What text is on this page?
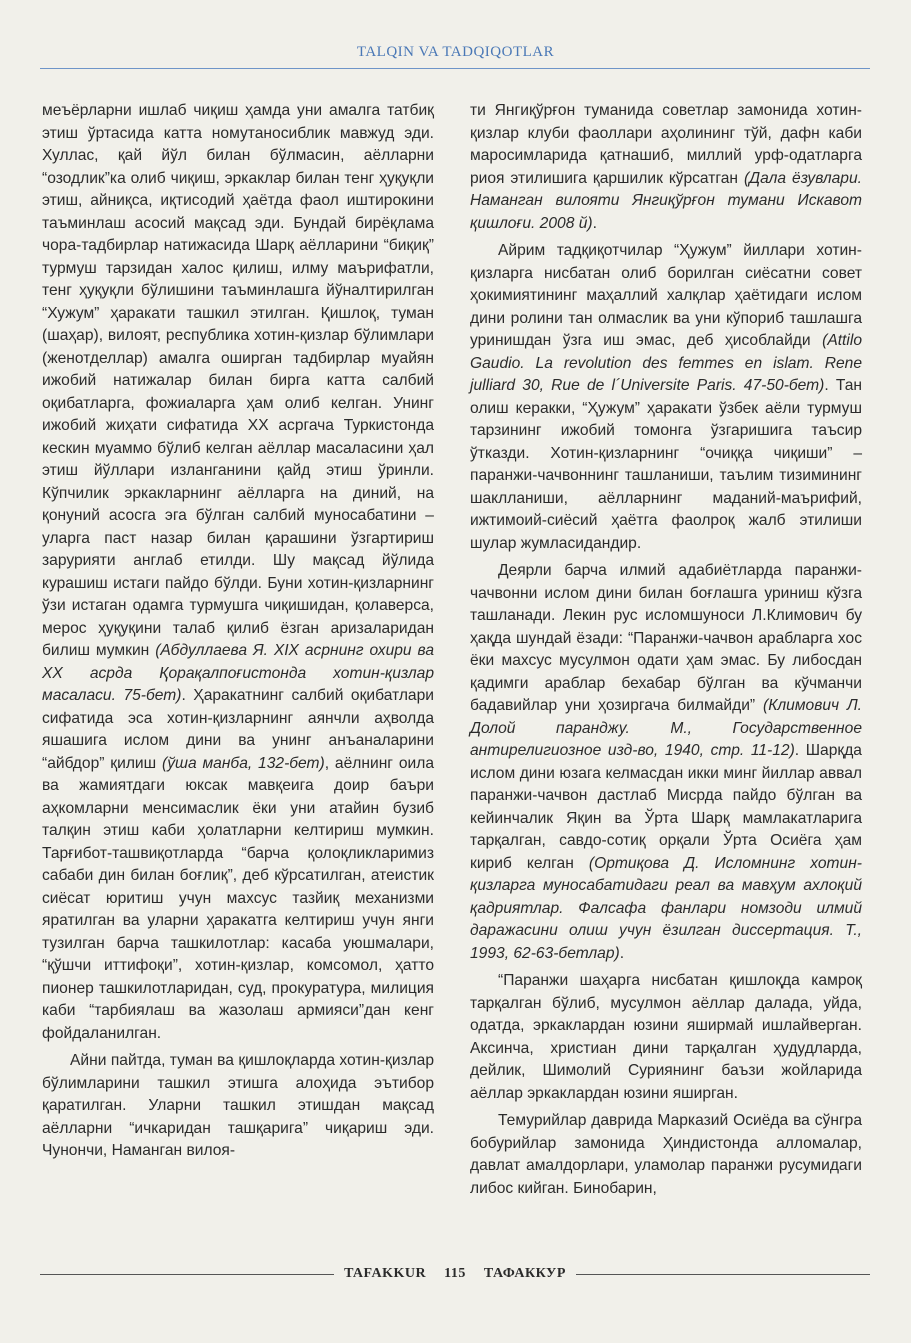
TALQIN VA TADQIQOTLAR

меъёрларни ишлаб чиқиш ҳамда уни амалга татбиқ этиш ўртасида катта номутаносиблик мавжуд эди. Хуллас, қай йўл билан бўлмасин, аёлларни “озодлик”ка олиб чиқиш, эркаклар билан тенг ҳуқуқли этиш, айниқса, иқтисодий ҳаётда фаол иштирокини таъминлаш асосий мақсад эди. Бундай бирёқлама чора-тадбирлар натижасида Шарқ аёлларини “биқиқ” турмуш тарзидан халос қилиш, илму маърифатли, тенг ҳуқуқли бўлишини таъминлашга йўналтирилган “Хужум” ҳаракати ташкил этилган. Қишлоқ, туман (шаҳар), вилоят, республика хотин-қизлар бўлимлари (женотделлар) амалга оширган тадбирлар муайян ижобий натижалар билан бирга катта салбий оқибатларга, фожиаларга ҳам олиб келган. Унинг ижобий жиҳати сифатида ХХ асргача Туркистонда кескин муаммо бўлиб келган аёллар масаласини ҳал этиш йўллари изланганини қайд этиш ўринли. Кўпчилик эркакларнинг аёлларга на диний, на қонуний асосга эга бўлган салбий муносабатини – уларга паст назар билан қарашини ўзгартириш зарурияти англаб етилди. Шу мақсад йўлида курашиш истаги пайдо бўлди. Буни хотин-қизларнинг ўзи истаган одамга турмушга чиқишидан, қолаверса, мерос ҳуқуқини талаб қилиб ёзган аризаларидан билиш мумкин (Абдуллаева Я. XIX асрнинг охири ва ХХ асрда Қорақалпоғистонда хотин-қизлар масаласи. 75-бет). Ҳаракатнинг салбий оқибатлари сифатида эса хотин-қизларнинг аянчли аҳволда яшашига ислом дини ва унинг анъаналарини “айбдор” қилиш (ўша манба, 132-бет), аёлнинг оила ва жамиятдаги юксак мавқеига доир баъри аҳкомларни менсимаслик ёки уни атайин бузиб талқин этиш каби ҳолатларни келтириш мумкин. Тарғибот-ташвиқотларда “барча қолоқликларимиз сабаби дин билан боғлиқ”, деб кўрсатилган, атеистик сиёсат юритиш учун махсус тазйиқ механизми яратилган ва уларни ҳаракатга келтириш учун янги тузилган барча ташкилотлар: касаба уюшмалари, “қўшчи иттифоқи”, хотин-қизлар, комсомол, ҳатто пионер ташкилотларидан, суд, прокуратура, милиция каби “тарбиялаш ва жазолаш армияси”дан кенг фойдаланилган.

Айни пайтда, туман ва қишлоқларда хотин-қизлар бўлимларини ташкил этишга алоҳида эътибор қаратилган. Уларни ташкил этишдан мақсад аёлларни “ичкаридан ташқарига” чиқариш эди. Чунончи, Наманган вилоя-

ти Янгиқўрғон туманида советлар замонида хотин-қизлар клуби фаоллари аҳолининг тўй, дафн каби маросимларида қатнашиб, миллий урф-одатларга риоя этилишига қаршилик кўрсатган (Дала ёзувлари. Наманган вилояти Янгиқўрғон тумани Искавот қишлоғи. 2008 й).

Айрим тадқиқотчилар “Ҳужум” йиллари хотин-қизларга нисбатан олиб борилган сиёсатни совет ҳокимиятининг маҳаллий халқлар ҳаётидаги ислом дини ролини тан олмаслик ва уни кўпориб ташлашга уринишдан ўзга иш эмас, деб ҳисоблайди (Attilo Gaudio. La revolution des femmes en islam. Rene julliard 30, Rue de l´Universite Paris. 47-50-бет). Тан олиш керакки, “Ҳужум” ҳаракати ўзбек аёли турмуш тарзининг ижобий томонга ўзгаришига таъсир ўтказди. Хотин-қизларнинг “очиққа чиқиши” – паранжи-чачвоннинг ташланиши, таълим тизимининг шаклланиши, аёлларнинг маданий-маърифий, ижтимоий-сиёсий ҳаётга фаолроқ жалб этилиши шулар жумласидандир.

Деярли барча илмий адабиётларда паранжи-чачвонни ислом дини билан боғлашга уриниш кўзга ташланади. Лекин рус исломшуноси Л.Климович бу ҳақда шундай ёзади: “Паранжи-чачвон арабларга хос ёки махсус мусулмон одати ҳам эмас. Бу либосдан қадимги араблар бехабар бўлган ва кўчманчи бадавийлар уни ҳозиргача билмайди” (Климович Л. Долой паранджу. М., Государственное антирелигиозное изд-во, 1940, стр. 11-12). Шарқда ислом дини юзага келмасдан икки минг йиллар аввал паранжи-чачвон дастлаб Мисрда пайдо бўлган ва кейинчалик Яқин ва Ўрта Шарқ мамлакатларига тарқалган, савдо-сотиқ орқали Ўрта Осиёга ҳам кириб келган (Ортиқова Д. Исломнинг хотин-қизларга муносабатидаги реал ва мавҳум ахлоқий қадриятлар. Фалсафа фанлари номзоди илмий даражасини олиш учун ёзилган диссертация. Т., 1993, 62-63-бетлар).

“Паранжи шаҳарга нисбатан қишлоқда камроқ тарқалган бўлиб, мусулмон аёллар далада, уйда, одатда, эркаклардан юзини яширмай ишлайверган. Аксинча, христиан дини тарқалган ҳудудларда, дейлик, Шимолий Суриянинг баъзи жойларида аёллар эркаклардан юзини яширган.

Темурийлар даврида Марказий Осиёда ва сўнгра бобурийлар замонида Ҳиндистонда алломалар, давлат амалдорлари, уламолар паранжи русумидаги либос кийган. Бинобарин,

TAFAKKUR	115	ТАФАККУР
